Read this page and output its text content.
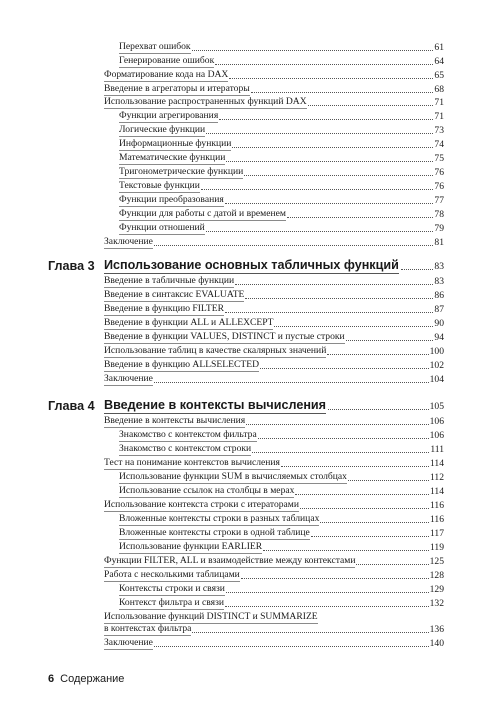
Перехват ошибок	61
Генерирование ошибок	64
Форматирование кода на DAX	65
Введение в агрегаторы и итераторы	68
Использование распространенных функций DAX	71
Функции агрегирования	71
Логические функции	73
Информационные функции	74
Математические функции	75
Тригонометрические функции	76
Текстовые функции	76
Функции преобразования	77
Функции для работы с датой и временем	78
Функции отношений	79
Заключение	81
Глава 3 Использование основных табличных функций	83
Введение в табличные функции	83
Введение в синтаксис EVALUATE	86
Введение в функцию FILTER	87
Введение в функции ALL и ALLEXCEPT	90
Введение в функции VALUES, DISTINCT и пустые строки	94
Использование таблиц в качестве скалярных значений	100
Введение в функцию ALLSELECTED	102
Заключение	104
Глава 4 Введение в контексты вычисления	105
Введение в контексты вычисления	106
Знакомство с контекстом фильтра	106
Знакомство с контекстом строки	111
Тест на понимание контекстов вычисления	114
Использование функции SUM в вычисляемых столбцах	112
Использование ссылок на столбцы в мерах	114
Использование контекста строки с итераторами	116
Вложенные контексты строки в разных таблицах	116
Вложенные контексты строки в одной таблице	117
Использование функции EARLIER	119
Функции FILTER, ALL и взаимодействие между контекстами	125
Работа с несколькими таблицами	128
Контексты строки и связи	129
Контекст фильтра и связи	132
Использование функций DISTINCT и SUMMARIZE
в контекстах фильтра	136
Заключение	140
6 Содержание
